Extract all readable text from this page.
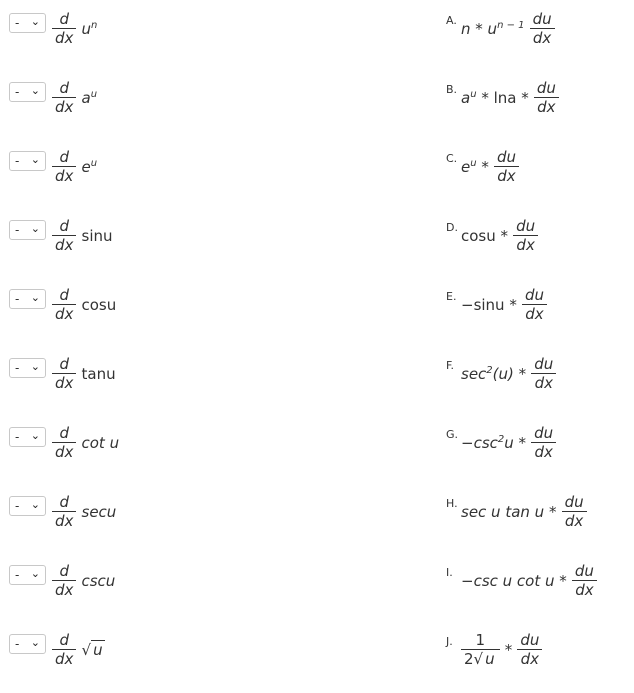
- ⌄ $\frac{d}{dx} u^n$	A. n * $u^{n - 1} \frac{du}{dx}$
- ⌄ $\frac{d}{dx} a^u$	B. $a^u$ * lna * $\frac{du}{dx}$
- ⌄ $\frac{d}{dx} e^u$	C. $e^u * \frac{du}{dx}$
- ⌄ $\frac{d}{dx}$ sinu	D. cosu * $\frac{du}{dx}$
- ⌄ $\frac{d}{dx}$ cosu	E. $-\sin u * \frac{du}{dx}$
- ⌄ $\frac{d}{dx}$ tanu	F. $\sec^2(u) * \frac{du}{dx}$
- ⌄ $\frac{d}{dx}$ cot u	G. $-\csc^2u * \frac{du}{dx}$
- ⌄ $\frac{d}{dx}$ secu	H. sec u tan u * $\frac{du}{dx}$
- ⌄ $\frac{d}{dx}$ cscu	I. −csc u cot u * $\frac{du}{dx}$
- ⌄ $\frac{d}{dx}$ √ u	J. $\frac{1}{2√ u} * \frac{du}{dx}$
